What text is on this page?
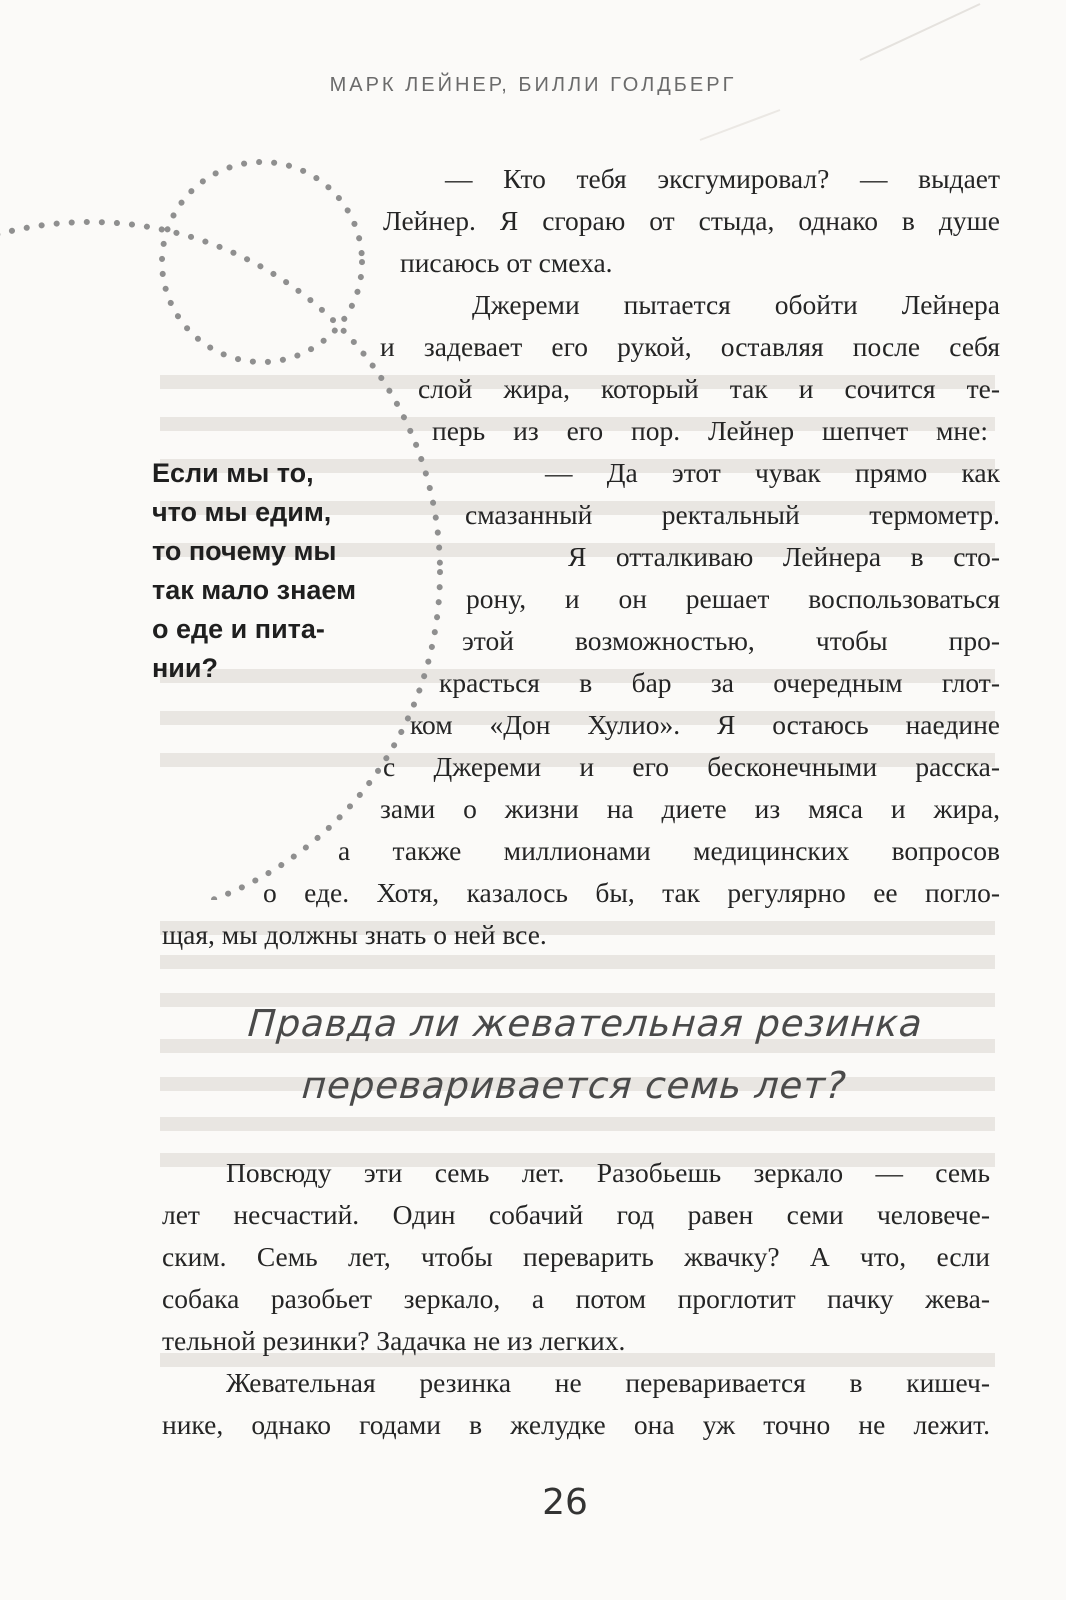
МАРК ЛЕЙНЕР, БИЛЛИ ГОЛДБЕРГ
Если мы то,
что мы едим,
то почему мы
так мало знаем
о еде и пита-
нии?
— Кто тебя эксгумировал? — выдает
Лейнер. Я сгораю от стыда, однако в душе
писаюсь от смеха.
Джереми пытается обойти Лейнера
и задевает его рукой, оставляя после себя
слой жира, который так и сочится те-
перь из его пор. Лейнер шепчет мне:
— Да этот чувак прямо как
смазанный ректальный термометр.
Я отталкиваю Лейнера в сто-
рону, и он решает воспользоваться
этой возможностью, чтобы про-
красться в бар за очередным глот-
ком «Дон Хулио». Я остаюсь наедине
с Джереми и его бесконечными расска-
зами о жизни на диете из мяса и жира,
а также миллионами медицинских вопросов
о еде. Хотя, казалось бы, так регулярно ее погло-
щая, мы должны знать о ней все.
Правда ли жевательная резинка
переваривается семь лет?
Повсюду эти семь лет. Разобьешь зеркало — семь
лет несчастий. Один собачий год равен семи человече-
ским. Семь лет, чтобы переварить жвачку? А что, если
собака разобьет зеркало, а потом проглотит пачку жева-
тельной резинки? Задачка не из легких.
Жевательная резинка не переваривается в кишеч-
нике, однако годами в желудке она уж точно не лежит.
26
